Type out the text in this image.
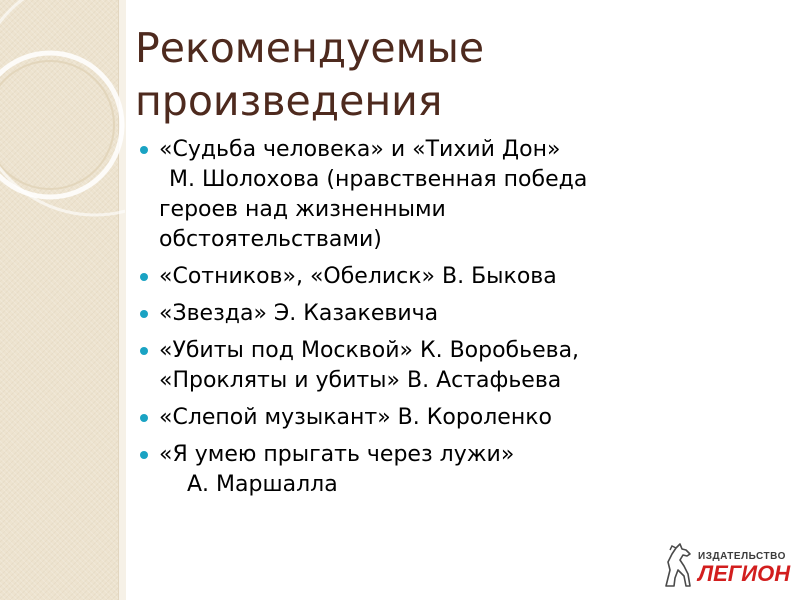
Рекомендуемые
произведения
«Судьба человека» и «Тихий Дон»
М. Шолохова (нравственная победа
героев над жизненными
обстоятельствами)
«Сотников», «Обелиск» В. Быкова
«Звезда» Э. Казакевича
«Убиты под Москвой» К. Воробьева,
«Прокляты и убиты» В. Астафьева
«Слепой музыкант» В. Короленко
«Я умею прыгать через лужи»
А. Маршалла
ИЗДАТЕЛЬСТВО
ЛЕГИОН
